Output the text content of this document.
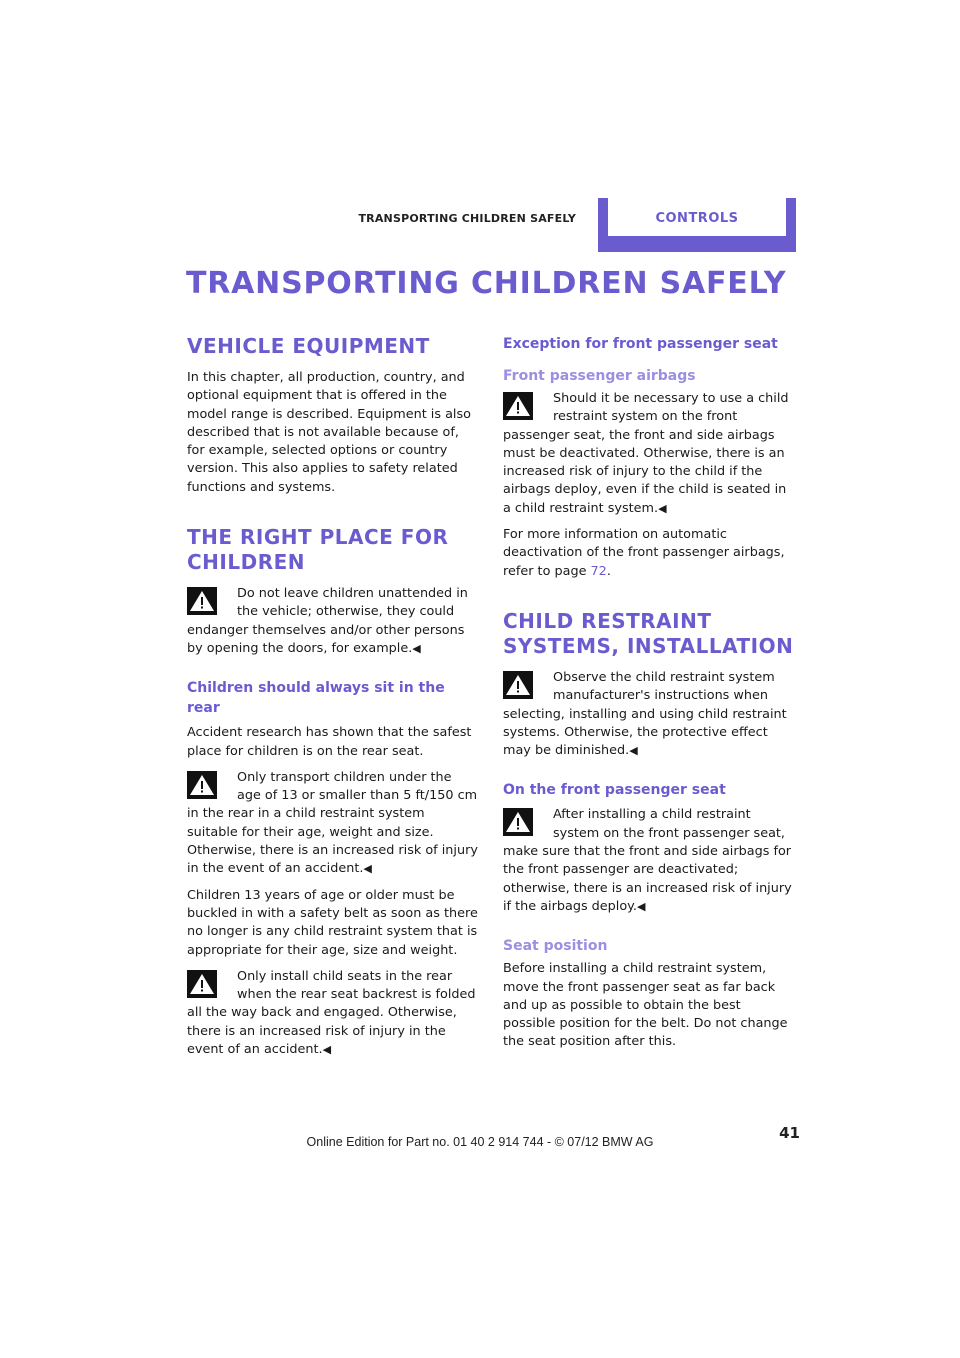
TRANSPORTING CHILDREN SAFELY	CONTROLS
TRANSPORTING CHILDREN SAFELY
VEHICLE EQUIPMENT

In this chapter, all production, country, and optional equipment that is offered in the model range is described. Equipment is also described that is not available because of, for example, selected options or country version. This also applies to safety related functions and systems.

THE RIGHT PLACE FOR CHILDREN
Do not leave children unattended in the vehicle; otherwise, they could endanger themselves and/or other persons by opening the doors, for example.◀
Children should always sit in the rear

Accident research has shown that the safest place for children is on the rear seat.

Only transport children under the age of 13 or smaller than 5 ft/150 cm in the rear in a child restraint system suitable for their age, weight and size. Otherwise, there is an increased risk of injury in the event of an accident.◀

Children 13 years of age or older must be buckled in with a safety belt as soon as there no longer is any child restraint system that is appropriate for their age, size and weight.

Only install child seats in the rear when the rear seat backrest is folded all the way back and engaged. Otherwise, there is an increased risk of injury in the event of an accident.◀
Exception for front passenger seat
Front passenger airbags
Should it be necessary to use a child restraint system on the front passenger seat, the front and side airbags must be deactivated. Otherwise, there is an increased risk of injury to the child if the airbags deploy, even if the child is seated in a child restraint system.◀

For more information on automatic deactivation of the front passenger airbags, refer to page 72.

CHILD RESTRAINT SYSTEMS, INSTALLATION
Observe the child restraint system manufacturer's instructions when selecting, installing and using child restraint systems. Otherwise, the protective effect may be diminished.◀
On the front passenger seat
After installing a child restraint system on the front passenger seat, make sure that the front and side airbags for the front passenger are deactivated; otherwise, there is an increased risk of injury if the airbags deploy.◀
Seat position

Before installing a child restraint system, move the front passenger seat as far back and up as possible to obtain the best possible position for the belt. Do not change the seat position after this.

41
Online Edition for Part no. 01 40 2 914 744 - © 07/12 BMW AG
